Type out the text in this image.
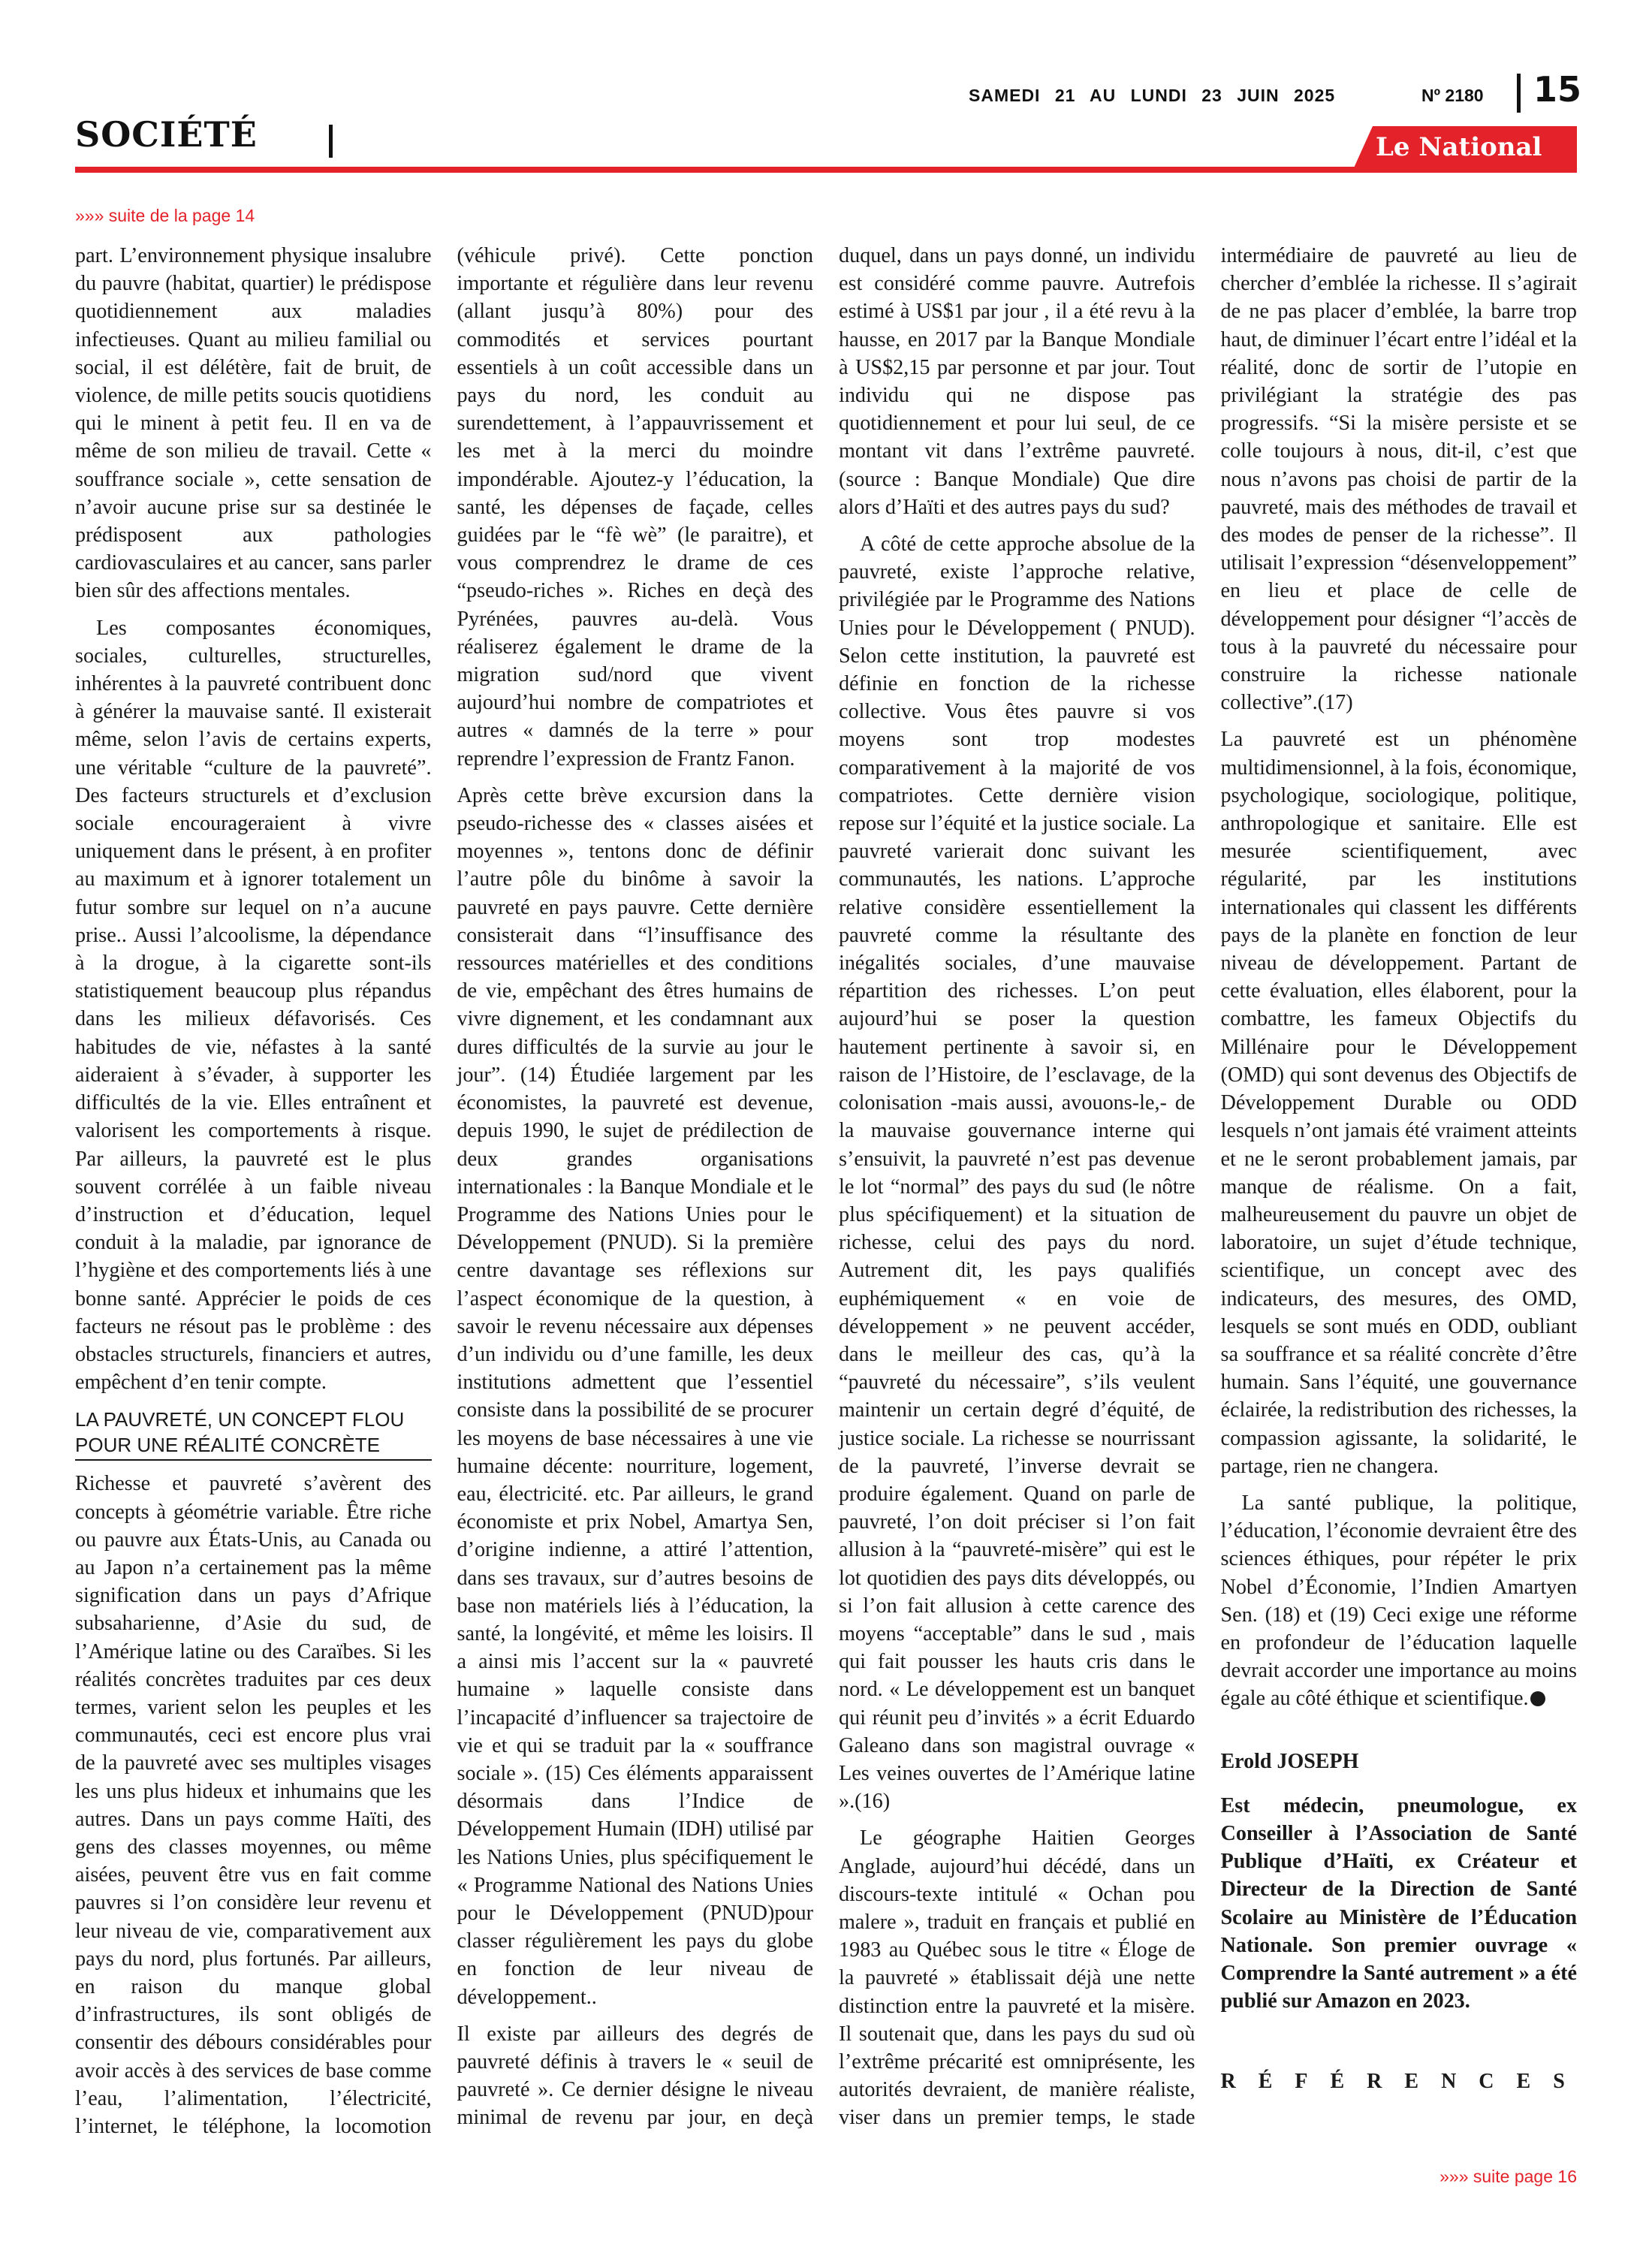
SOCIÉTÉ
SAMEDI 21 AU LUNDI 23 JUIN 2025	Nº 2180 15
Le National
»»» suite de la page 14

part. L’environnement physique insalubre du pauvre (habitat, quartier) le prédispose quotidiennement aux maladies infectieuses. Quant au milieu familial ou social, il est délétère, fait de bruit, de violence, de mille petits soucis quotidiens qui le minent à petit feu. Il en va de même de son milieu de travail. Cette « souffrance sociale », cette sensation de n’avoir aucune prise sur sa destinée le prédisposent aux pathologies cardiovasculaires et au cancer, sans parler bien sûr des affections mentales.

Les composantes économiques, sociales, culturelles, structurelles, inhérentes à la pauvreté contribuent donc à générer la mauvaise santé. Il existerait même, selon l’avis de certains experts, une véritable “culture de la pauvreté”. Des facteurs structurels et d’exclusion sociale encourageraient à vivre uniquement dans le présent, à en profiter au maximum et à ignorer totalement un futur sombre sur lequel on n’a aucune prise.. Aussi l’alcoolisme, la dépendance à la drogue, à la cigarette sont-ils statistiquement beaucoup plus répandus dans les milieux défavorisés. Ces habitudes de vie, néfastes à la santé aideraient à s’évader, à supporter les difficultés de la vie. Elles entraînent et valorisent les comportements à risque. Par ailleurs, la pauvreté est le plus souvent corrélée à un faible niveau d’instruction et d’éducation, lequel conduit à la maladie, par ignorance de l’hygiène et des comportements liés à une bonne santé. Apprécier le poids de ces facteurs ne résout pas le problème : des obstacles structurels, financiers et autres, empêchent d’en tenir compte.

LA PAUVRETÉ, UN CONCEPT FLOU POUR UNE RÉALITÉ CONCRÈTE

Richesse et pauvreté s’avèrent des concepts à géométrie variable. Être riche ou pauvre aux États-Unis, au Canada ou au Japon n’a certainement pas la même signification dans un pays d’Afrique subsaharienne, d’Asie du sud, de l’Amérique latine ou des Caraïbes. Si les réalités concrètes traduites par ces deux termes, varient selon les peuples et les communautés, ceci est encore plus vrai de la pauvreté avec ses multiples visages les uns plus hideux et inhumains que les autres. Dans un pays comme Haïti, des gens des classes moyennes, ou même aisées, peuvent être vus en fait comme pauvres si l’on considère leur revenu et leur niveau de vie, comparativement aux pays du nord, plus fortunés. Par ailleurs, en raison du manque global d’infrastructures, ils sont obligés de consentir des débours considérables pour avoir accès à des services de base comme l’eau, l’alimentation, l’électricité, l’internet, le téléphone, la locomotion (véhicule privé). Cette ponction importante et régulière dans leur revenu (allant jusqu’à 80%) pour des commodités et services pourtant essentiels à un coût accessible dans un pays du nord, les conduit au surendettement, à l’appauvrissement et les met à la merci du moindre impondérable. Ajoutez-y l’éducation, la santé, les dépenses de façade, celles guidées par le “fè wè” (le paraitre), et vous comprendrez le drame de ces “pseudo-riches ». Riches en deçà des Pyrénées, pauvres au-delà. Vous réaliserez également le drame de la migration sud/nord que vivent aujourd’hui nombre de compatriotes et autres « damnés de la terre » pour reprendre l’expression de Frantz Fanon.

Après cette brève excursion dans la pseudo-richesse des « classes aisées et moyennes », tentons donc de définir l’autre pôle du binôme à savoir la pauvreté en pays pauvre. Cette dernière consisterait dans “l’insuffisance des ressources matérielles et des conditions de vie, empêchant des êtres humains de vivre dignement, et les condamnant aux dures difficultés de la survie au jour le jour”. (14) Étudiée largement par les économistes, la pauvreté est devenue, depuis 1990, le sujet de prédilection de deux grandes organisations internationales : la Banque Mondiale et le Programme des Nations Unies pour le Développement (PNUD). Si la première centre davantage ses réflexions sur l’aspect économique de la question, à savoir le revenu nécessaire aux dépenses d’un individu ou d’une famille, les deux institutions admettent que l’essentiel consiste dans la possibilité de se procurer les moyens de base nécessaires à une vie humaine décente: nourriture, logement, eau, électricité. etc. Par ailleurs, le grand économiste et prix Nobel, Amartya Sen, d’origine indienne, a attiré l’attention, dans ses travaux, sur d’autres besoins de base non matériels liés à l’éducation, la santé, la longévité, et même les loisirs. Il a ainsi mis l’accent sur la « pauvreté humaine » laquelle consiste dans l’incapacité d’influencer sa trajectoire de vie et qui se traduit par la « souffrance sociale ». (15) Ces éléments apparaissent désormais dans l’Indice de Développement Humain (IDH) utilisé par les Nations Unies, plus spécifiquement le « Programme National des Nations Unies pour le Développement (PNUD)pour classer régulièrement les pays du globe en fonction de leur niveau de développement..

Il existe par ailleurs des degrés de pauvreté définis à travers le « seuil de pauvreté ». Ce dernier désigne le niveau minimal de revenu par jour, en deçà duquel, dans un pays donné, un individu est considéré comme pauvre. Autrefois estimé à US$1 par jour , il a été revu à la hausse, en 2017 par la Banque Mondiale à US$2,15 par personne et par jour. Tout individu qui ne dispose pas quotidiennement et pour lui seul, de ce montant vit dans l’extrême pauvreté. (source : Banque Mondiale) Que dire alors d’Haïti et des autres pays du sud?

A côté de cette approche absolue de la pauvreté, existe l’approche relative, privilégiée par le Programme des Nations Unies pour le Développement ( PNUD). Selon cette institution, la pauvreté est définie en fonction de la richesse collective. Vous êtes pauvre si vos moyens sont trop modestes comparativement à la majorité de vos compatriotes. Cette dernière vision repose sur l’équité et la justice sociale. La pauvreté varierait donc suivant les communautés, les nations. L’approche relative considère essentiellement la pauvreté comme la résultante des inégalités sociales, d’une mauvaise répartition des richesses. L’on peut aujourd’hui se poser la question hautement pertinente à savoir si, en raison de l’Histoire, de l’esclavage, de la colonisation -mais aussi, avouons-le,- de la mauvaise gouvernance interne qui s’ensuivit, la pauvreté n’est pas devenue le lot “normal” des pays du sud (le nôtre plus spécifiquement) et la situation de richesse, celui des pays du nord. Autrement dit, les pays qualifiés euphémiquement « en voie de développement » ne peuvent accéder, dans le meilleur des cas, qu’à la “pauvreté du nécessaire”, s’ils veulent maintenir un certain degré d’équité, de justice sociale. La richesse se nourrissant de la pauvreté, l’inverse devrait se produire également. Quand on parle de pauvreté, l’on doit préciser si l’on fait allusion à la “pauvreté-misère” qui est le lot quotidien des pays dits développés, ou si l’on fait allusion à cette carence des moyens “acceptable” dans le sud , mais qui fait pousser les hauts cris dans le nord. « Le développement est un banquet qui réunit peu d’invités » a écrit Eduardo Galeano dans son magistral ouvrage « Les veines ouvertes de l’Amérique latine ».(16)

Le géographe Haitien Georges Anglade, aujourd’hui décédé, dans un discours-texte intitulé « Ochan pou malere », traduit en français et publié en 1983 au Québec sous le titre « Éloge de la pauvreté » établissait déjà une nette distinction entre la pauvreté et la misère. Il soutenait que, dans les pays du sud où l’extrême précarité est omniprésente, les autorités devraient, de manière réaliste, viser dans un premier temps, le stade intermédiaire de pauvreté au lieu de chercher d’emblée la richesse. Il s’agirait de ne pas placer d’emblée, la barre trop haut, de diminuer l’écart entre l’idéal et la réalité, donc de sortir de l’utopie en privilégiant la stratégie des pas progressifs. “Si la misère persiste et se colle toujours à nous, dit-il, c’est que nous n’avons pas choisi de partir de la pauvreté, mais des méthodes de travail et des modes de penser de la richesse”. Il utilisait l’expression “désenveloppement” en lieu et place de celle de développement pour désigner “l’accès de tous à la pauvreté du nécessaire pour construire la richesse nationale collective”.(17)

La pauvreté est un phénomène multidimensionnel, à la fois, économique, psychologique, sociologique, politique, anthropologique et sanitaire. Elle est mesurée scientifiquement, avec régularité, par les institutions internationales qui classent les différents pays de la planète en fonction de leur niveau de développement. Partant de cette évaluation, elles élaborent, pour la combattre, les fameux Objectifs du Millénaire pour le Développement (OMD) qui sont devenus des Objectifs de Développement Durable ou ODD lesquels n’ont jamais été vraiment atteints et ne le seront probablement jamais, par manque de réalisme. On a fait, malheureusement du pauvre un objet de laboratoire, un sujet d’étude technique, scientifique, un concept avec des indicateurs, des mesures, des OMD, lesquels se sont mués en ODD, oubliant sa souffrance et sa réalité concrète d’être humain. Sans l’équité, une gouvernance éclairée, la redistribution des richesses, la compassion agissante, la solidarité, le partage, rien ne changera.

La santé publique, la politique, l’éducation, l’économie devraient être des sciences éthiques, pour répéter le prix Nobel d’Économie, l’Indien Amartyen Sen. (18) et (19) Ceci exige une réforme en profondeur de l’éducation laquelle devrait accorder une importance au moins égale au côté éthique et scientifique.

Erold JOSEPH

Est médecin, pneumologue, ex Conseiller à l’Association de Santé Publique d’Haïti, ex Créateur et Directeur de la Direction de Santé Scolaire au Ministère de l’Éducation Nationale. Son premier ouvrage « Comprendre la Santé autrement » a été publié sur Amazon en 2023.

RÉFÉRENCES

»»» suite page 16
